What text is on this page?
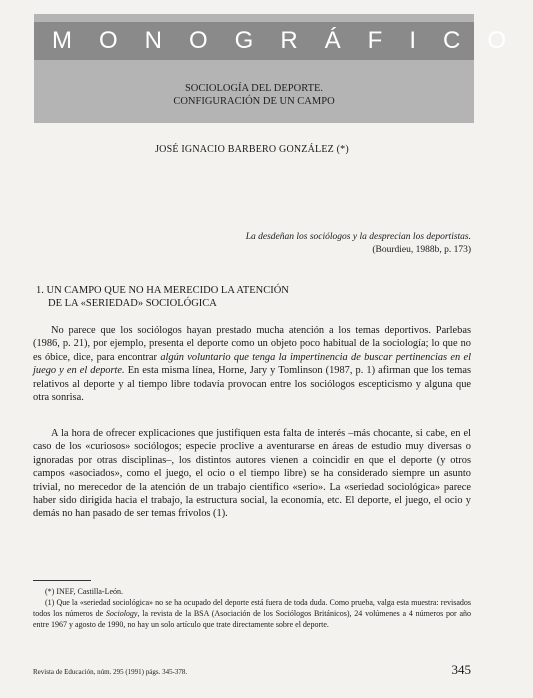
MONOGRÁFICO
SOCIOLOGÍA DEL DEPORTE.
CONFIGURACIÓN DE UN CAMPO
JOSÉ IGNACIO BARBERO GONZÁLEZ (*)
La desdeñan los sociólogos y la desprecian los deportistas.
(Bourdieu, 1988b, p. 173)
1. UN CAMPO QUE NO HA MERECIDO LA ATENCIÓN
DE LA «SERIEDAD» SOCIOLÓGICA

No parece que los sociólogos hayan prestado mucha atención a los temas deportivos. Parlebas (1986, p. 21), por ejemplo, presenta el deporte como un objeto poco habitual de la sociología; lo que no es óbice, dice, para encontrar algún voluntario que tenga la impertinencia de buscar pertinencias en el juego y en el deporte. En esta misma línea, Horne, Jary y Tomlinson (1987, p. 1) afirman que los temas relativos al deporte y al tiempo libre todavía provocan entre los sociólogos escepticismo y alguna que otra sonrisa.

A la hora de ofrecer explicaciones que justifiquen esta falta de interés –más chocante, si cabe, en el caso de los «curiosos» sociólogos; especie proclive a aventurarse en áreas de estudio muy diversas o ignoradas por otras disciplinas–, los distintos autores vienen a coincidir en que el deporte (y otros campos «asociados», como el juego, el ocio o el tiempo libre) se ha considerado siempre un asunto trivial, no merecedor de la atención de un trabajo científico «serio». La «seriedad sociológica» parece haber sido dirigida hacia el trabajo, la estructura social, la economía, etc. El deporte, el juego, el ocio y demás no han pasado de ser temas frívolos (1).

(*) INEF, Castilla-León.
(1) Que la «seriedad sociológica» no se ha ocupado del deporte está fuera de toda duda. Como prueba, valga esta muestra: revisados todos los números de Sociology, la revista de la BSA (Asociación de los Sociólogos Británicos), 24 volúmenes a 4 números por año entre 1967 y agosto de 1990, no hay un solo artículo que trate directamente sobre el deporte.
Revista de Educación, núm. 295 (1991) págs. 345-378.	345
